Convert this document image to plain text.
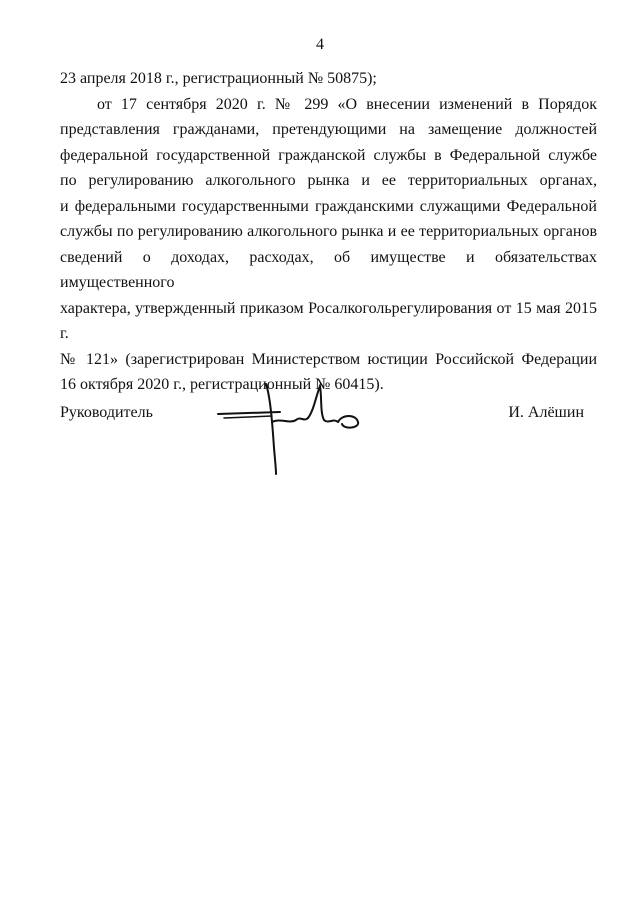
4
23 апреля 2018 г., регистрационный № 50875);
от 17 сентября 2020 г. № 299 «О внесении изменений в Порядок
представления гражданами, претендующими на замещение должностей
федеральной государственной гражданской службы в Федеральной службе
по регулированию алкогольного рынка и ее территориальных органах,
и федеральными государственными гражданскими служащими Федеральной
службы по регулированию алкогольного рынка и ее территориальных органов
сведений о доходах, расходах, об имуществе и обязательствах имущественного
характера, утвержденный приказом Росалкогольрегулирования от 15 мая 2015 г.
№ 121» (зарегистрирован Министерством юстиции Российской Федерации
16 октября 2020 г., регистрационный № 60415).
Руководитель	И. Алёшин
